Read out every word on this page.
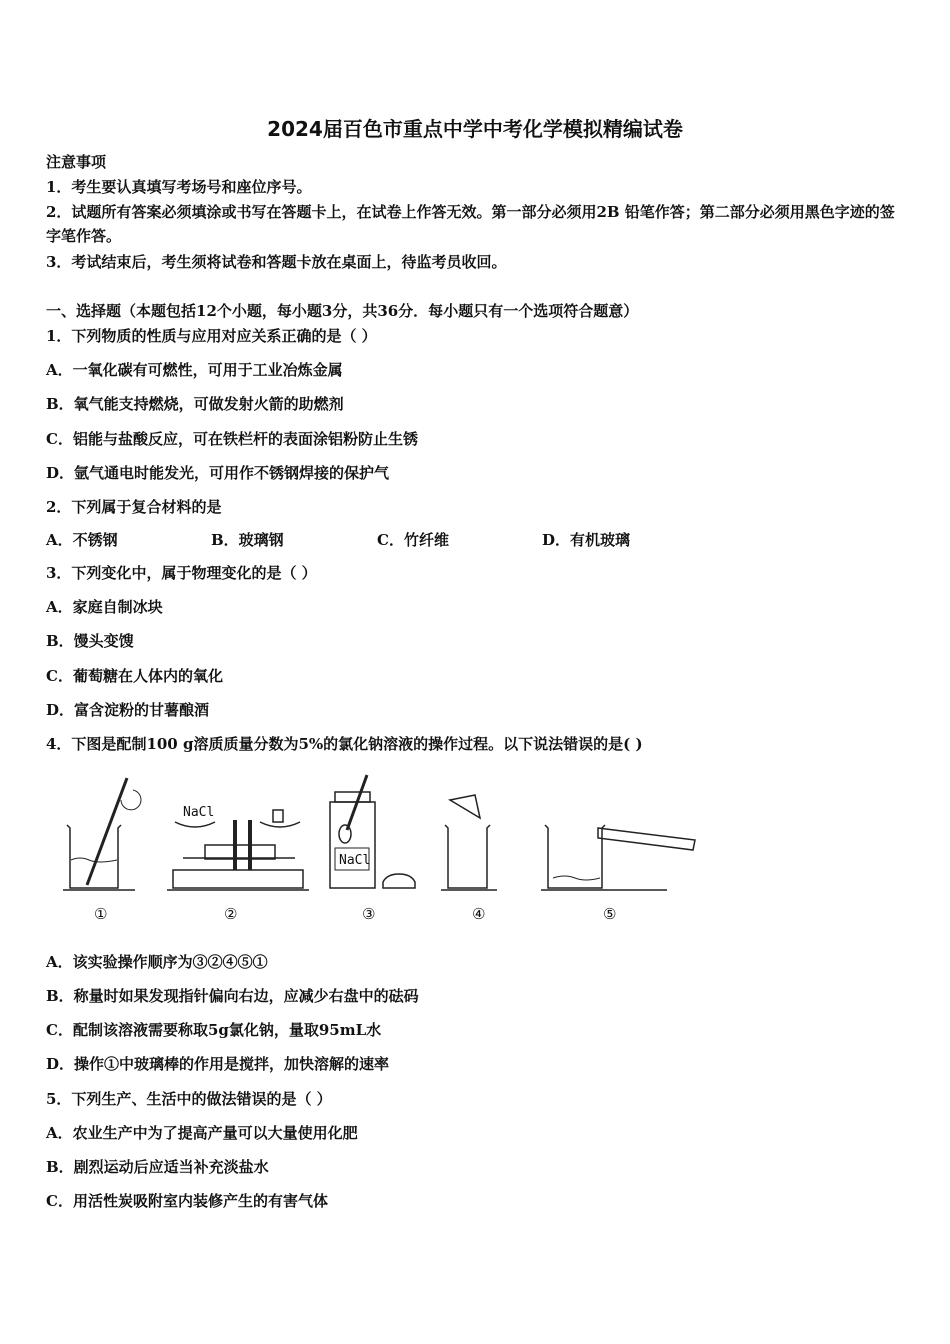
2024届百色市重点中学中考化学模拟精编试卷
注意事项
1．考生要认真填写考场号和座位序号。
2．试题所有答案必须填涂或书写在答题卡上，在试卷上作答无效。第一部分必须用2B 铅笔作答；第二部分必须用黑色字迹的签字笔作答。
3．考试结束后，考生须将试卷和答题卡放在桌面上，待监考员收回。
一、选择题（本题包括12个小题，每小题3分，共36分．每小题只有一个选项符合题意）
1．下列物质的性质与应用对应关系正确的是（ ）
A．一氧化碳有可燃性，可用于工业冶炼金属
B．氧气能支持燃烧，可做发射火箭的助燃剂
C．铝能与盐酸反应，可在铁栏杆的表面涂铝粉防止生锈
D．氩气通电时能发光，可用作不锈钢焊接的保护气
2．下列属于复合材料的是
A．不锈钢	B．玻璃钢	C．竹纤维	D．有机玻璃
3．下列变化中，属于物理变化的是（ ）
A．家庭自制冰块
B．馒头变馊
C．葡萄糖在人体内的氧化
D．富含淀粉的甘薯酿酒
4．下图是配制100 g溶质质量分数为5%的氯化钠溶液的操作过程。以下说法错误的是( )
NaCl
NaCl
①	②	③	④	⑤
A．该实验操作顺序为③②④⑤①
B．称量时如果发现指针偏向右边，应减少右盘中的砝码
C．配制该溶液需要称取5g氯化钠，量取95mL水
D．操作①中玻璃棒的作用是搅拌，加快溶解的速率
5．下列生产、生活中的做法错误的是（ ）
A．农业生产中为了提高产量可以大量使用化肥
B．剧烈运动后应适当补充淡盐水
C．用活性炭吸附室内装修产生的有害气体
